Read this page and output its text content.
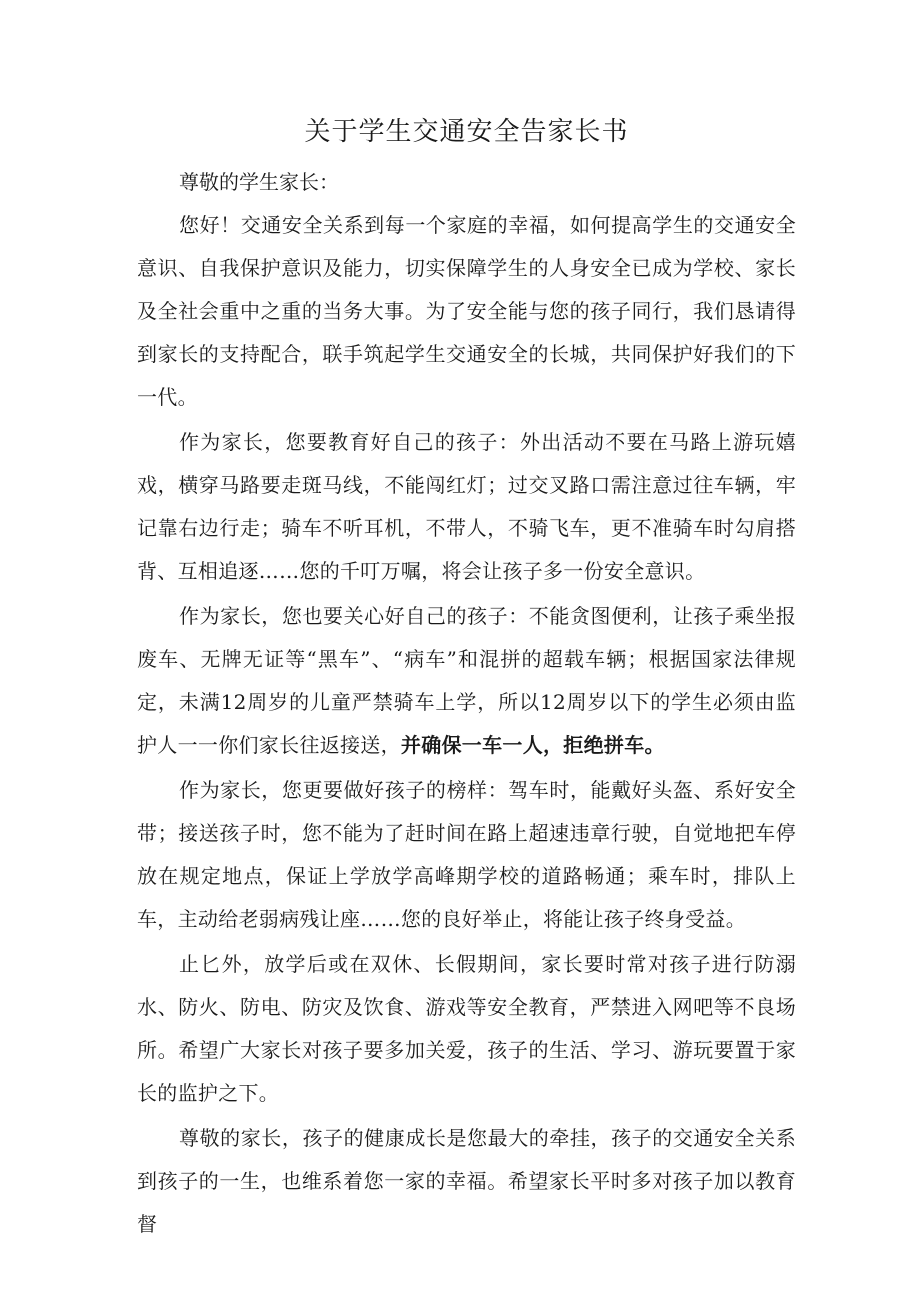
关于学生交通安全告家长书

尊敬的学生家长：

您好！交通安全关系到每一个家庭的幸福，如何提高学生的交通安全意识、自我保护意识及能力，切实保障学生的人身安全已成为学校、家长及全社会重中之重的当务大事。为了安全能与您的孩子同行，我们恳请得到家长的支持配合，联手筑起学生交通安全的长城，共同保护好我们的下一代。

作为家长，您要教育好自己的孩子：外出活动不要在马路上游玩嬉戏，横穿马路要走斑马线，不能闯红灯；过交叉路口需注意过往车辆，牢记靠右边行走；骑车不听耳机，不带人，不骑飞车，更不准骑车时勾肩搭背、互相追逐……您的千叮万嘱，将会让孩子多一份安全意识。

作为家长，您也要关心好自己的孩子：不能贪图便利，让孩子乘坐报废车、无牌无证等“黑车”、“病车”和混拼的超载车辆；根据国家法律规定，未满12周岁的儿童严禁骑车上学，所以12周岁以下的学生必须由监护人一一你们家长往返接送，并确保一车一人，拒绝拼车。

作为家长，您更要做好孩子的榜样：驾车时，能戴好头盔、系好安全带；接送孩子时，您不能为了赶时间在路上超速违章行驶，自觉地把车停放在规定地点，保证上学放学高峰期学校的道路畅通；乘车时，排队上车，主动给老弱病残让座……您的良好举止，将能让孩子终身受益。

止匕外，放学后或在双休、长假期间，家长要时常对孩子进行防溺水、防火、防电、防灾及饮食、游戏等安全教育，严禁进入网吧等不良场所。希望广大家长对孩子要多加关爱，孩子的生活、学习、游玩要置于家长的监护之下。

尊敬的家长，孩子的健康成长是您最大的牵挂，孩子的交通安全关系到孩子的一生，也维系着您一家的幸福。希望家长平时多对孩子加以教育督
